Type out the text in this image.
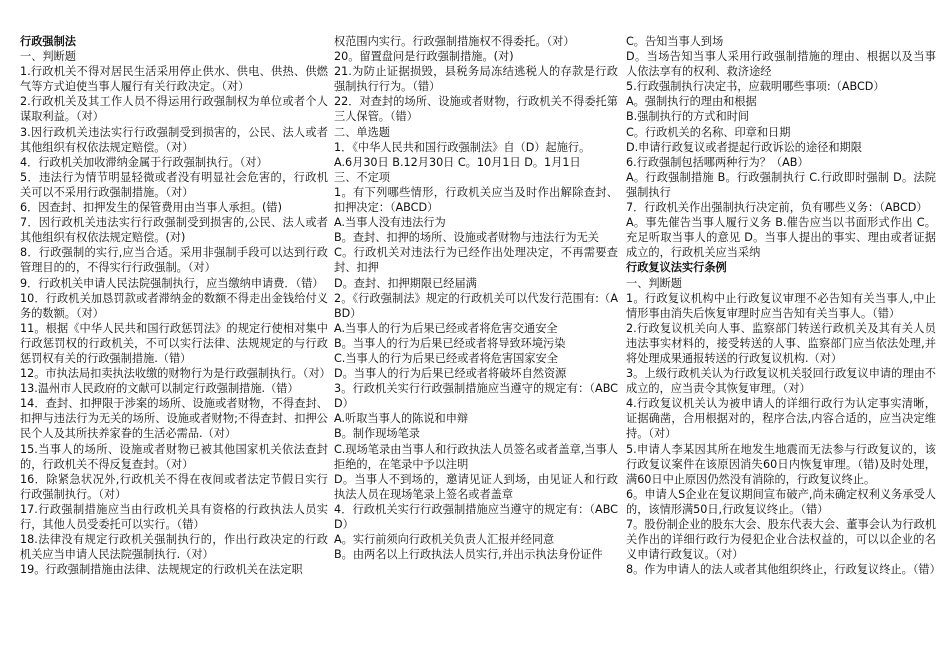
行政强制法
一、判断题
1.行政机关不得对居民生活采用停止供水、供电、供热、供燃气等方式迫使当事人履行有关行政决定。（对）
2.行政机关及其工作人员不得运用行政强制权为单位或者个人谋取利益。（对）
3.因行政机关违法实行行政强制受到损害的，公民、法人或者其他组织有权依法规定赔偿。（对）
4．行政机关加收滞纳金属于行政强制执行。（对）
5．违法行为情节明显轻微或者没有明显社会危害的，行政机关可以不采用行政强制措施。（对）
6．因查封、扣押发生的保管费用由当事人承担。(错)
7．因行政机关违法实行行政强制受到损害的,公民、法人或者其他组织有权依法规定赔偿。(对)
8．行政强制的实行,应当合适。采用非强制手段可以达到行政管理目的的，不得实行行政强制。（对）
9．行政机关申请人民法院强制执行，应当缴纳申请费．（错）
10．行政机关加恳罚款或者滞纳金的数额不得走出金钱给付义务的数额。（对）
11。根据《中华人民共和国行政惩罚法》的规定行使相对集中行政惩罚权的行政机关，不可以实行法律、法规规定的与行政惩罚权有关的行政强制措施.（错）
12。市执法局扣卖执法收缴的财物行为是行政强制执行。（对）
13.温州市人民政府的文献可以制定行政强制措施.（错）
14．查封、扣押限于涉案的场所、设施或者财物，不得查封、扣押与违法行为无关的场所、设施或者财物;不得查封、扣押公民个人及其所扶养家眷的生活必需品.（对）
15.当事人的场所、设施或者财物已被其他国家机关依法查封的，行政机关不得反复查封。（对）
16．除紧急状况外,行政机关不得在夜间或者法定节假日实行行政强制执行。（对）
17.行政强制措施应当由行政机关具有资格的行政执法人员实行，其他人员受委托可以实行。（错）
18.法律没有规定行政机关强制执行的，作出行政决定的行政机关应当申请人民法院强制执行.（对）
19。行政强制措施由法律、法规规定的行政机关在法定职
权范围内实行。行政强制措施权不得委托。（对）
20。留置盘问是行政强制措施。(对)
21.为防止证据损毁，县税务局冻结逃税人的存款是行政强制执行行为。（错）
22．对查封的场所、设施或者财物，行政机关不得委托第三人保管。（错）
二、单选题
1．《中华人民共和国行政强制法》自（D）起施行。
A.6月30日 B.12月30日 C。10月1日 D。1月1日
三、不定项
1。有下列哪些情形，行政机关应当及时作出解除查封、扣押决定：（ABCD）
A.当事人没有违法行为
B。查封、扣押的场所、设施或者财物与违法行为无关
C。行政机关对违法行为已经作出处理决定，不再需要查封、扣押
D。查封、扣押期限已经届满
2。《行政强制法》规定的行政机关可以代发行范围有:（ABD）
A.当事人的行为后果已经或者将危害交通安全
B。当事人的行为后果已经或者将导致环境污染
C.当事人的行为后果已经或者将危害国家安全
D。当事人的行为后果已经或者将破坏自然资源
3。行政机关实行行政强制措施应当遵守的规定有：（ABCD）
A.听取当事人的陈说和申辩
B。制作现场笔录
C.现场笔录由当事人和行政执法人员签名或者盖章,当事人拒绝的，在笔录中予以注明
D。当事人不到场的，邀请见证人到场，由见证人和行政执法人员在现场笔录上签名或者盖章
4．行政机关实行行政强制措施应当遵守的规定有：（ABCD）
A。实行前须向行政机关负责人汇报并经同意
B。由两名以上行政执法人员实行,并出示执法身份证件
C。告知当事人到场
D。当场告知当事人采用行政强制措施的理由、根据以及当事人依法享有的权利、救济途经
5.行政强制执行决定书，应载明哪些事项:（ABCD）
A。强制执行的理由和根据
B.强制执行的方式和时间
C。行政机关的名称、印章和日期
D.申请行政复议或者提起行政诉讼的途径和期限
6.行政强制包括哪两种行为？（AB）
A。行政强制措施 B。行政强制执行 C.行政即时强制 D。法院强制执行
7．行政机关作出强制执行决定前，负有哪些义务：（ABCD）
A。事先催告当事人履行义务 B.催告应当以书面形式作出 C。充足听取当事人的意见 D。当事人提出的事实、理由或者证据成立的，行政机关应当采纳
行政复议法实行条例
一、判断题
1。行政复议机构中止行政复议审理不必告知有关当事人,中止情形事由消失后恢复审理时应当告知有关当事人。（错）
2.行政复议机关向人事、监察部门转送行政机关及其有关人员违法事实材料的，接受转送的人事、监察部门应当依法处理,并将处理成果通报转送的行政复议机构.（对）
3。上级行政机关认为行政复议机关驳回行政复议申请的理由不成立的，应当责令其恢复审理。（对）
4.行政复议机关认为被申请人的详细行政行为认定事实清晰，证据确凿，合用根据对的，程序合法,内容合适的，应当决定维持。（对）
5.申请人李某因其所在地发生地震而无法参与行政复议的，该行政复议案件在该原因消失60日内恢复审理。（错)及时处理，满60日中止原因仍然没有消除的，行政复议终止。
6。申请人S企业在复议期间宣布破产,尚未确定权利义务承受人的，该情形满50日,行政复议终止。（错）
7。股份制企业的股东大会、股东代表大会、董事会认为行政机关作出的详细行政行为侵犯企业合法权益的，可以以企业的名义申请行政复议。（对）
8。作为申请人的法人或者其他组织终止，行政复议终止。（错）
